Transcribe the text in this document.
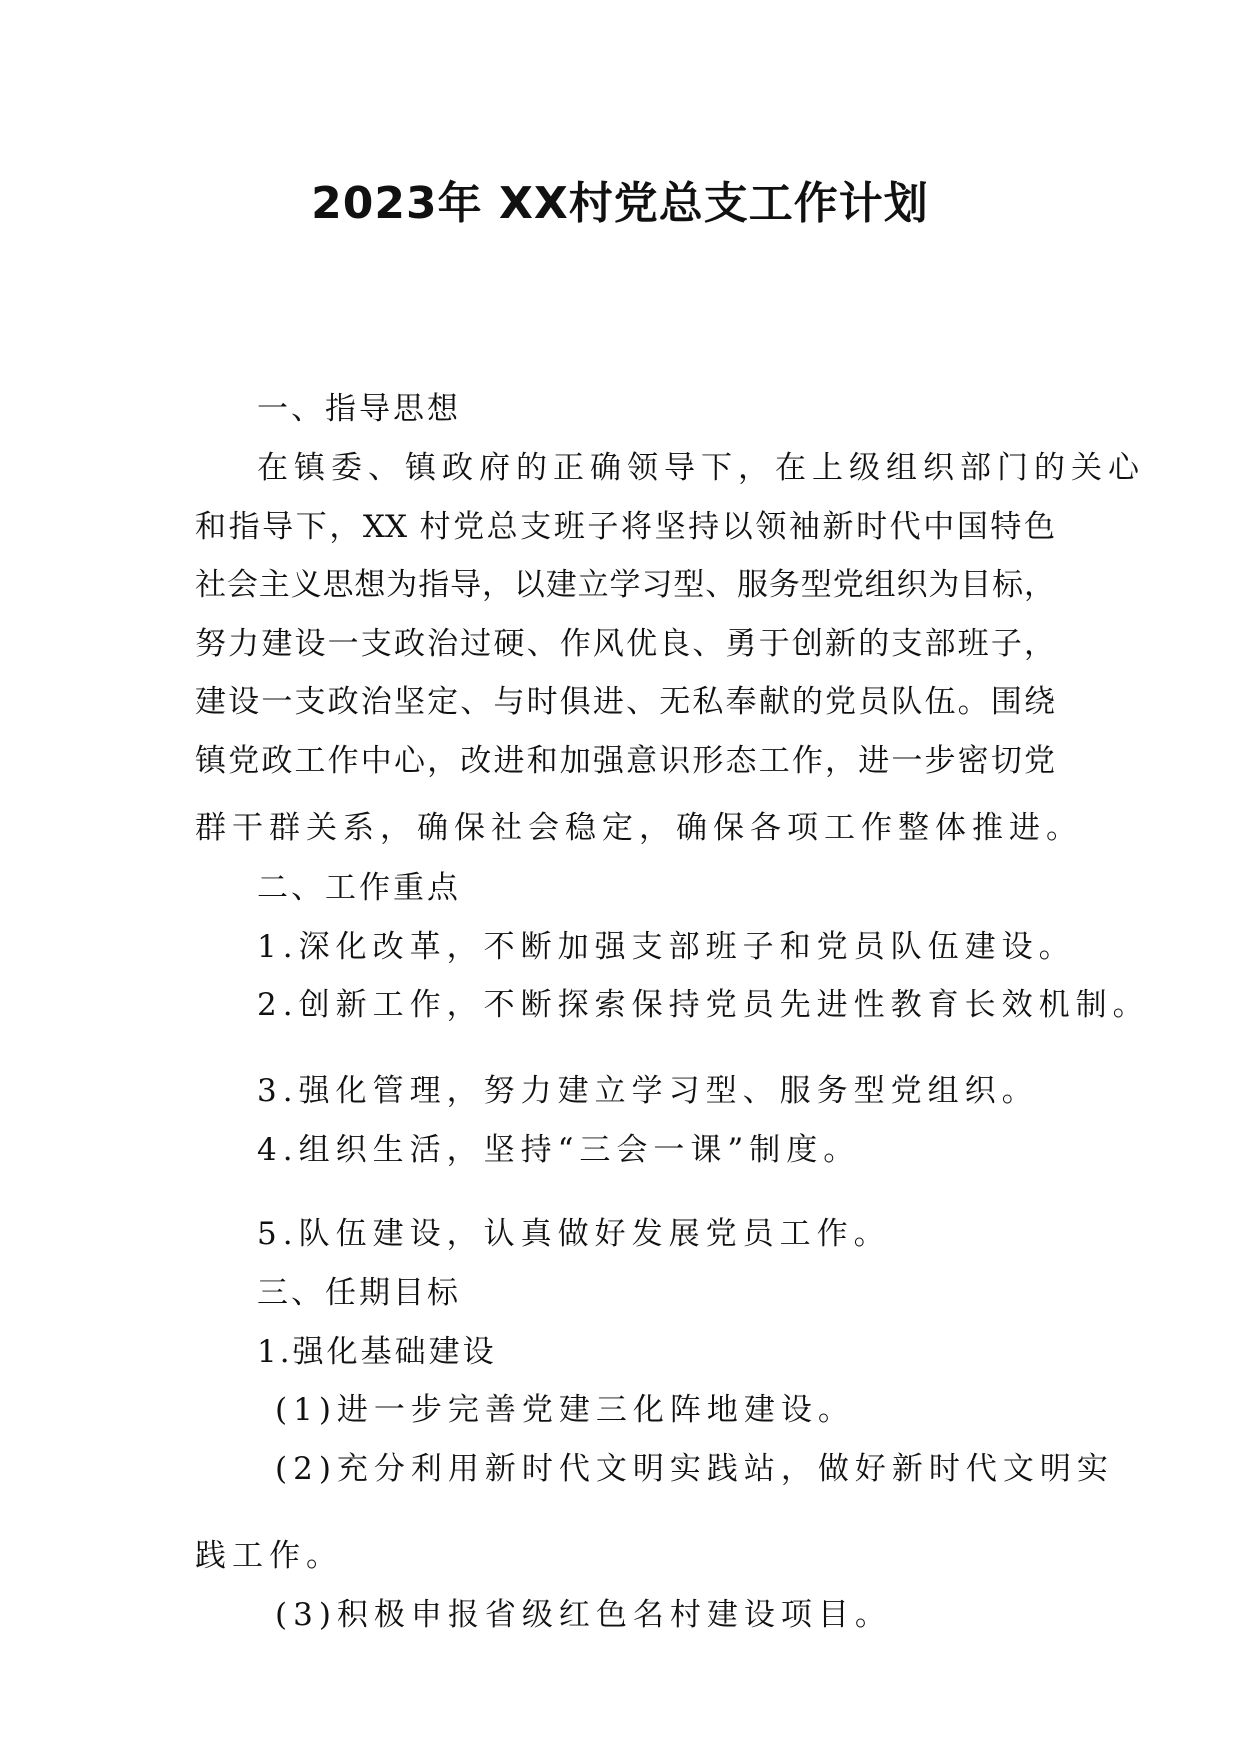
2023年 XX村党总支工作计划
一、指导思想
在镇委、镇政府的正确领导下，在上级组织部门的关心
和指导下，XX 村党总支班子将坚持以领袖新时代中国特色
社会主义思想为指导，以建立学习型、服务型党组织为目标，
努力建设一支政治过硬、作风优良、勇于创新的支部班子，
建设一支政治坚定、与时俱进、无私奉献的党员队伍。围绕
镇党政工作中心，改进和加强意识形态工作，进一步密切党
群干群关系，确保社会稳定，确保各项工作整体推进。
二、工作重点
1.深化改革，不断加强支部班子和党员队伍建设。
2.创新工作，不断探索保持党员先进性教育长效机制。
3.强化管理，努力建立学习型、服务型党组织。
4.组织生活，坚持“三会一课”制度。
5.队伍建设，认真做好发展党员工作。
三、任期目标
1.强化基础建设
(1)进一步完善党建三化阵地建设。
(2)充分利用新时代文明实践站，做好新时代文明实
践工作。
(3)积极申报省级红色名村建设项目。
